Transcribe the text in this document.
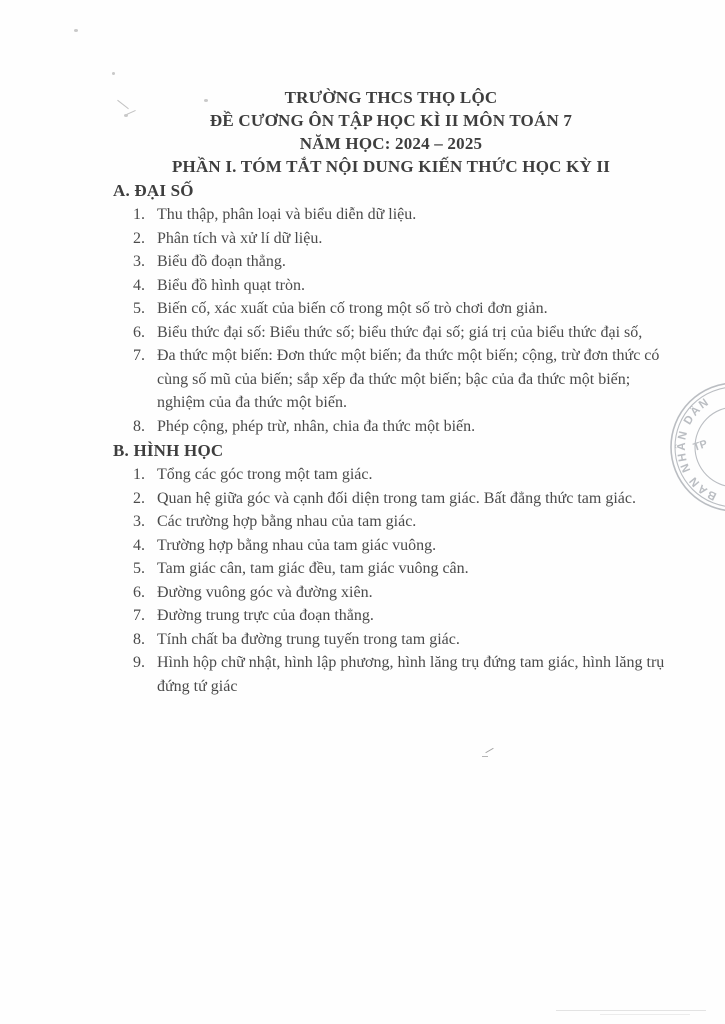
BAN NHÂN DÂN
TP
TRƯỜNG THCS THỌ LỘC
ĐỀ CƯƠNG ÔN TẬP HỌC KÌ II MÔN TOÁN 7
NĂM HỌC: 2024 – 2025
PHẦN I. TÓM TẮT NỘI DUNG KIẾN THỨC HỌC KỲ II
A. ĐẠI SỐ
1. Thu thập, phân loại và biểu diễn dữ liệu.
2. Phân tích và xử lí dữ liệu.
3. Biểu đồ đoạn thẳng.
4. Biểu đồ hình quạt tròn.
5. Biến cố, xác xuất của biến cố trong một số trò chơi đơn giản.
6. Biểu thức đại số: Biểu thức số; biểu thức đại số; giá trị của biểu thức đại số,
7. Đa thức một biến: Đơn thức một biến; đa thức một biến; cộng, trừ đơn thức có cùng số mũ của biến; sắp xếp đa thức một biến; bậc của đa thức một biến; nghiệm của đa thức một biến.
8. Phép cộng, phép trừ, nhân, chia đa thức một biến.
B. HÌNH HỌC
1. Tổng các góc trong một tam giác.
2. Quan hệ giữa góc và cạnh đối diện trong tam giác. Bất đẳng thức tam giác.
3. Các trường hợp bằng nhau của tam giác.
4. Trường hợp bằng nhau của tam giác vuông.
5. Tam giác cân, tam giác đều, tam giác vuông cân.
6. Đường vuông góc và đường xiên.
7. Đường trung trực của đoạn thẳng.
8. Tính chất ba đường trung tuyến trong tam giác.
9. Hình hộp chữ nhật, hình lập phương, hình lăng trụ đứng tam giác, hình lăng trụ đứng tứ giác
